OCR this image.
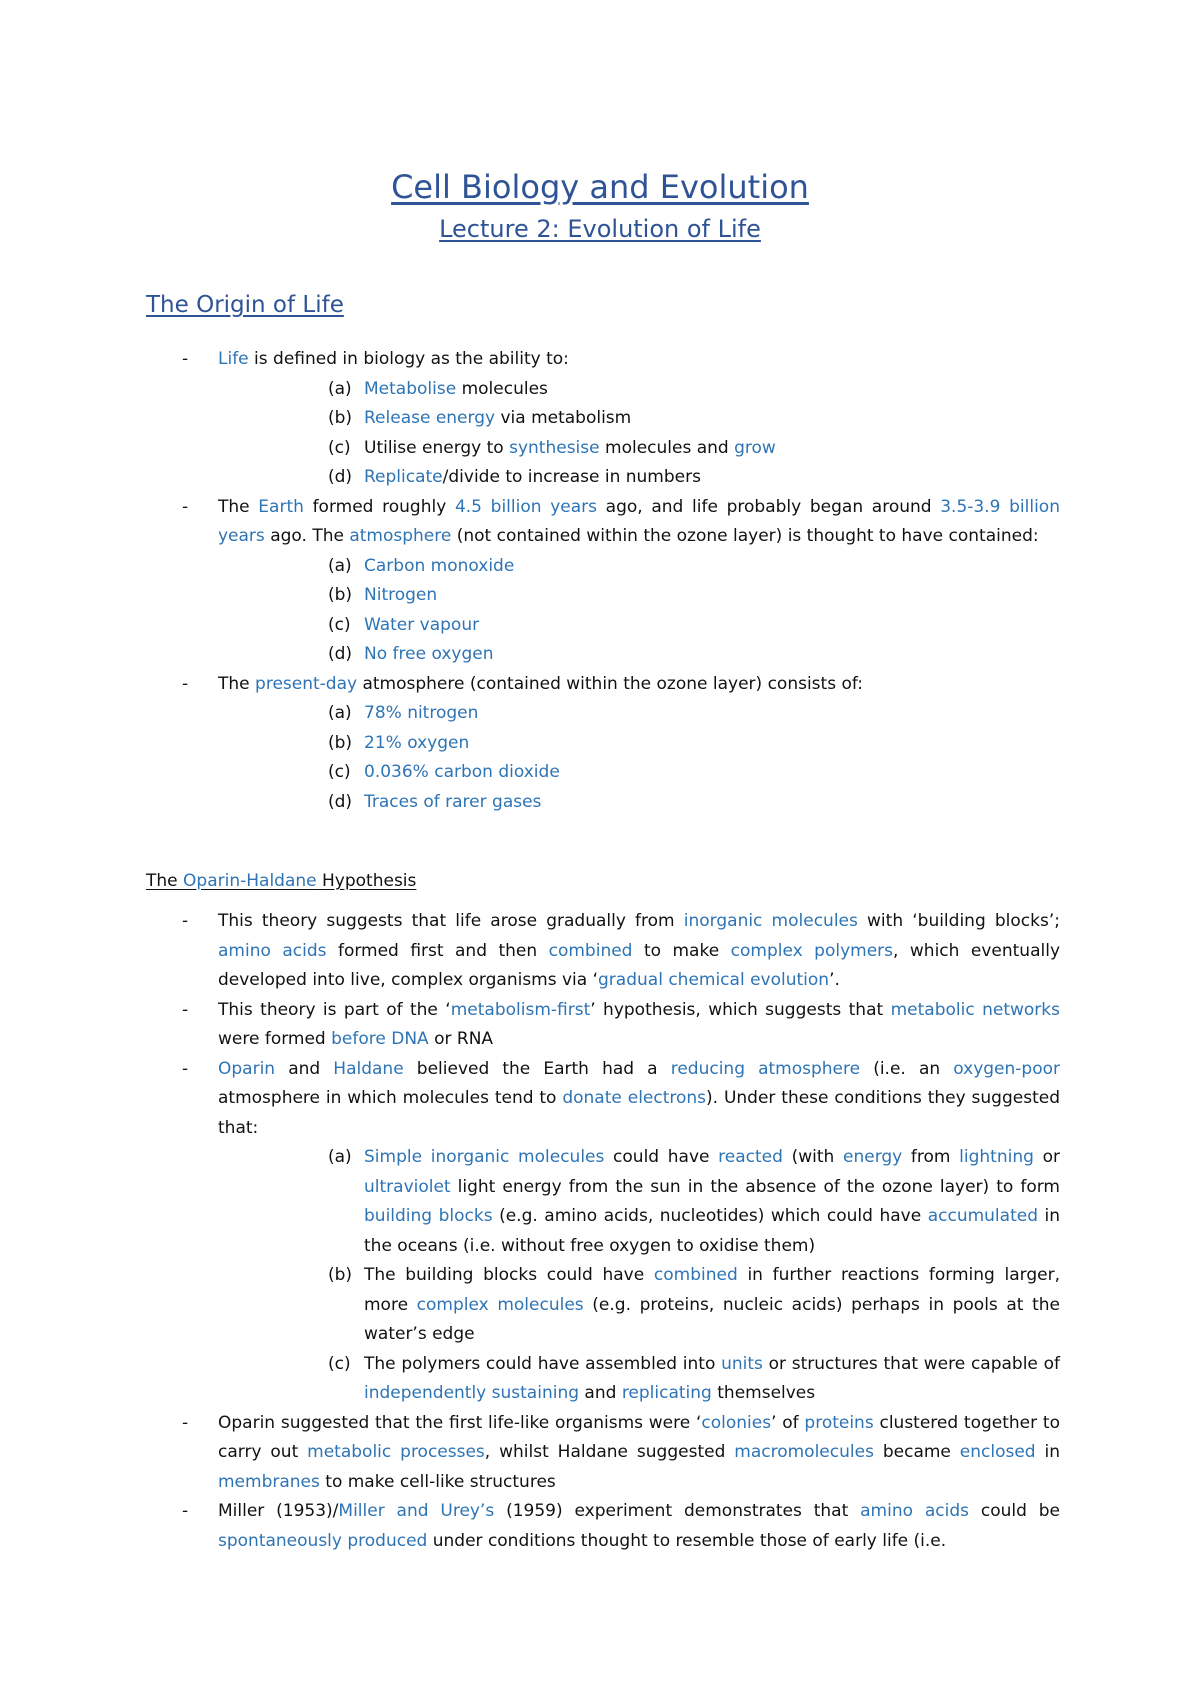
Cell Biology and Evolution
Lecture 2: Evolution of Life
The Origin of Life
- Life is defined in biology as the ability to:
(a) Metabolise molecules
(b) Release energy via metabolism
(c) Utilise energy to synthesise molecules and grow
(d) Replicate/divide to increase in numbers
- The Earth formed roughly 4.5 billion years ago, and life probably began around 3.5-3.9 billion years ago. The atmosphere (not contained within the ozone layer) is thought to have contained:
(a) Carbon monoxide
(b) Nitrogen
(c) Water vapour
(d) No free oxygen
- The present-day atmosphere (contained within the ozone layer) consists of:
(a) 78% nitrogen
(b) 21% oxygen
(c) 0.036% carbon dioxide
(d) Traces of rarer gases
The Oparin-Haldane Hypothesis
- This theory suggests that life arose gradually from inorganic molecules with ‘building blocks’; amino acids formed first and then combined to make complex polymers, which eventually developed into live, complex organisms via ‘gradual chemical evolution’.
- This theory is part of the ‘metabolism-first’ hypothesis, which suggests that metabolic networks were formed before DNA or RNA
- Oparin and Haldane believed the Earth had a reducing atmosphere (i.e. an oxygen-poor atmosphere in which molecules tend to donate electrons). Under these conditions they suggested that:
(a) Simple inorganic molecules could have reacted (with energy from lightning or ultraviolet light energy from the sun in the absence of the ozone layer) to form building blocks (e.g. amino acids, nucleotides) which could have accumulated in the oceans (i.e. without free oxygen to oxidise them)
(b) The building blocks could have combined in further reactions forming larger, more complex molecules (e.g. proteins, nucleic acids) perhaps in pools at the water’s edge
(c) The polymers could have assembled into units or structures that were capable of independently sustaining and replicating themselves
- Oparin suggested that the first life-like organisms were ‘colonies’ of proteins clustered together to carry out metabolic processes, whilst Haldane suggested macromolecules became enclosed in membranes to make cell-like structures
- Miller (1953)/Miller and Urey’s (1959) experiment demonstrates that amino acids could be spontaneously produced under conditions thought to resemble those of early life (i.e.
